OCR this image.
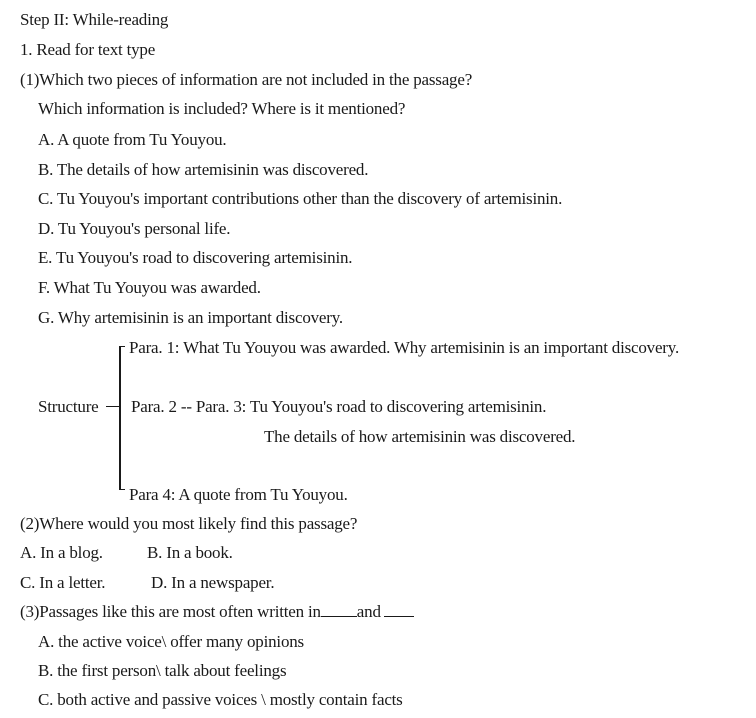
Step II: While-reading
1. Read for text type
(1)Which two pieces of information are not included in the passage?
Which information is included? Where is it mentioned?
A. A quote from Tu Youyou.
B. The details of how artemisinin was discovered.
C. Tu Youyou's important contributions other than the discovery of artemisinin.
D. Tu Youyou's personal life.
E. Tu Youyou's road to discovering artemisinin.
F. What Tu Youyou was awarded.
G. Why artemisinin is an important discovery.
Para. 1: What Tu Youyou was awarded. Why artemisinin is an important discovery.
Structure Para. 2 -- Para. 3: Tu Youyou's road to discovering artemisinin.
The details of how artemisinin was discovered.
Para 4: A quote from Tu Youyou.
(2)Where would you most likely find this passage?
A. In a blog.	B. In a book.
C. In a letter.	D. In a newspaper.
(3)Passages like this are most often written in and
A. the active voice\ offer many opinions
B. the first person\ talk about feelings
C. both active and passive voices \ mostly contain facts
